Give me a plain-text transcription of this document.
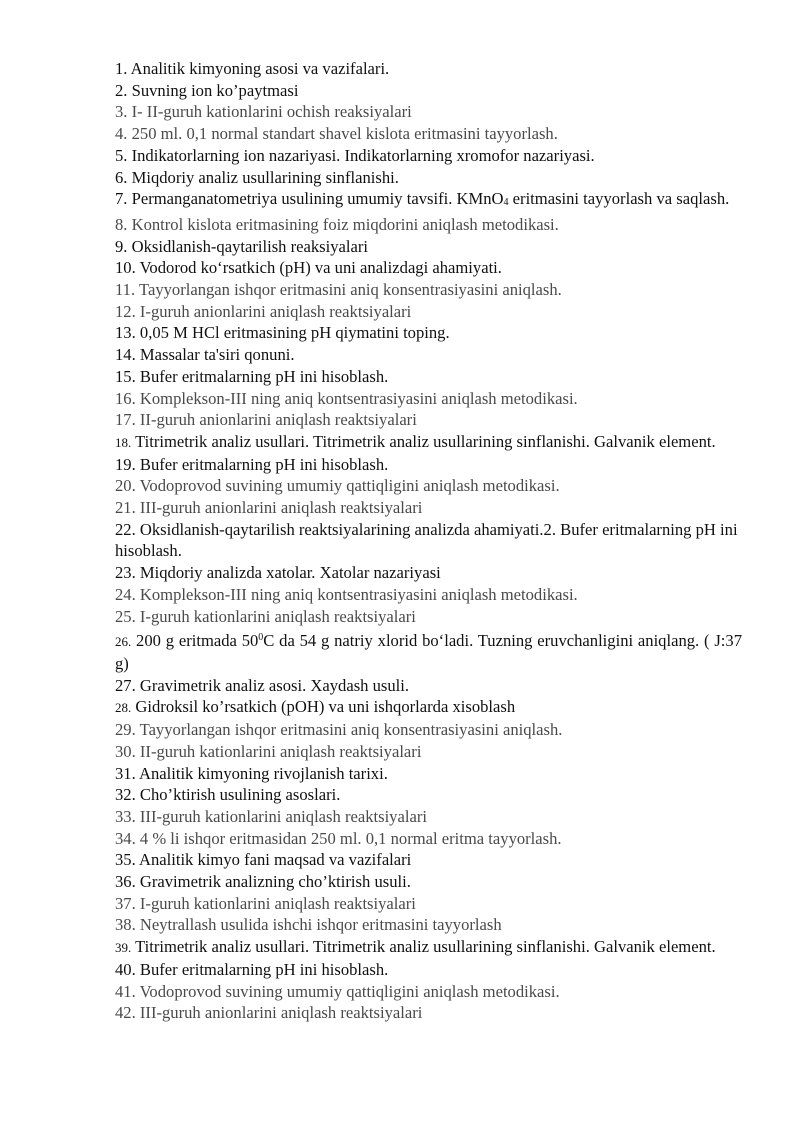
1. Analitik kimyoning asosi va vazifalari.
2. Suvning ion ko’paytmasi
3. I- II-guruh kationlarini ochish reaksiyalari
4. 250 ml. 0,1 normal standart shavel kislota eritmasini tayyorlash.
5. Indikatorlarning ion nazariyasi. Indikatorlarning xromofor nazariyasi.
6. Miqdoriy analiz usullarining sinflanishi.
7. Permanganatometriya usulining umumiy tavsifi. KMnO$_4$ eritmasini tayyorlash va saqlash.
8. Kontrol kislota eritmasining foiz miqdorini aniqlash metodikasi.
9. Oksidlanish-qaytarilish reaksiyalari
10. Vodorod ko‘rsatkich (pH) va uni analizdagi ahamiyati.
11. Tayyorlangan ishqor eritmasini aniq konsentrasiyasini aniqlash.
12. I-guruh anionlarini aniqlash reaktsiyalari
13. 0,05 M HCl eritmasining pH qiymatini toping.
14. Massalar ta'siri qonuni.
15. Bufer eritmalarning pH ini hisoblash.
16. Komplekson-III ning aniq kontsentrasiyasini aniqlash metodikasi.
17. II-guruh anionlarini aniqlash reaktsiyalari
18. Titrimetrik analiz usullari. Titrimetrik analiz usullarining sinflanishi. Galvanik element.
19. Bufer eritmalarning pH ini hisoblash.
20. Vodoprovod suvining umumiy qattiqligini aniqlash metodikasi.
21. III-guruh anionlarini aniqlash reaktsiyalari
22. Oksidlanish-qaytarilish reaktsiyalarining analizda ahamiyati.2. Bufer eritmalarning pH ini hisoblash.
23. Miqdoriy analizda xatolar. Xatolar nazariyasi
24. Komplekson-III ning aniq kontsentrasiyasini aniqlash metodikasi.
25. I-guruh kationlarini aniqlash reaktsiyalari
26. 200 g eritmada $50^0C$ da 54 g natriy xlorid bo‘ladi. Tuzning eruvchanligini aniqlang. ( J:37 g)
27. Gravimetrik analiz asosi. Xaydash usuli.
28. Gidroksil ko’rsatkich (pOH) va uni ishqorlarda xisoblash
29. Tayyorlangan ishqor eritmasini aniq konsentrasiyasini aniqlash.
30. II-guruh kationlarini aniqlash reaktsiyalari
31. Analitik kimyoning rivojlanish tarixi.
32. Cho’ktirish usulining asoslari.
33. III-guruh kationlarini aniqlash reaktsiyalari
34. 4 % li ishqor eritmasidan 250 ml. 0,1 normal eritma tayyorlash.
35. Analitik kimyo fani maqsad va vazifalari
36. Gravimetrik analizning cho’ktirish usuli.
37. I-guruh kationlarini aniqlash reaktsiyalari
38. Neytrallash usulida ishchi ishqor eritmasini tayyorlash
39. Titrimetrik analiz usullari. Titrimetrik analiz usullarining sinflanishi. Galvanik element.
40. Bufer eritmalarning pH ini hisoblash.
41. Vodoprovod suvining umumiy qattiqligini aniqlash metodikasi.
42. III-guruh anionlarini aniqlash reaktsiyalari
